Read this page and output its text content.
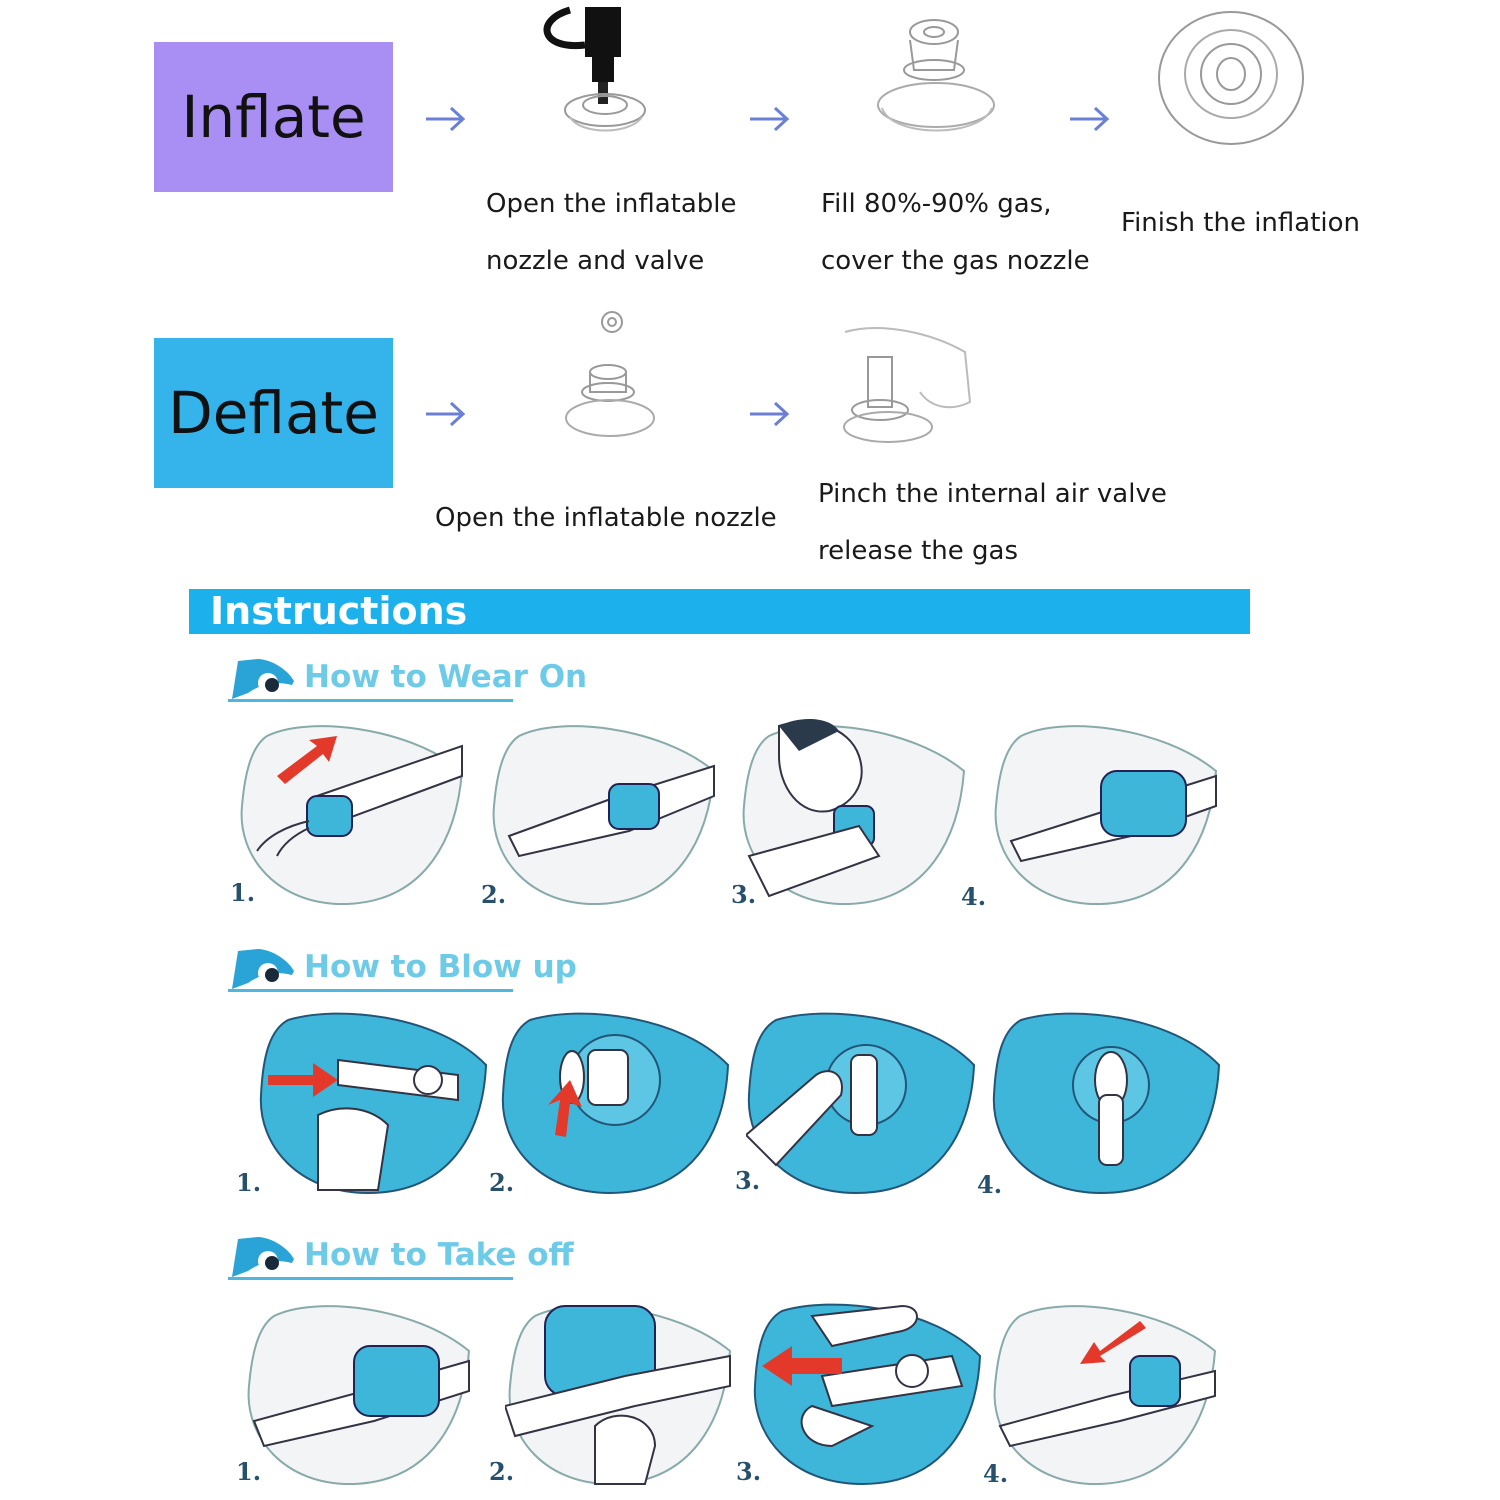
Inflate
Open the inflatable
nozzle and valve
Fill 80%-90% gas,
cover the gas nozzle
Finish the inflation
Deflate
Open the inflatable nozzle
Pinch the internal air valve
release the gas
Instructions
How to Wear On
How to Blow up
How to Take off
1.	2.	3.	4.
1.	2.	3.	4.
1.	2.	3.	4.
